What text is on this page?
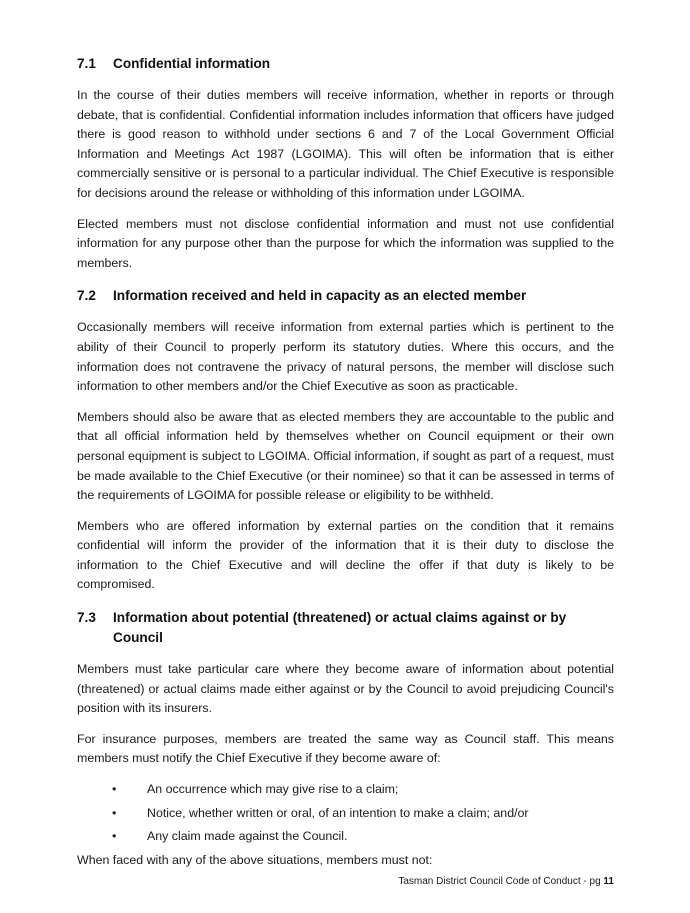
7.1	Confidential information

In the course of their duties members will receive information, whether in reports or through debate, that is confidential. Confidential information includes information that officers have judged there is good reason to withhold under sections 6 and 7 of the Local Government Official Information and Meetings Act 1987 (LGOIMA). This will often be information that is either commercially sensitive or is personal to a particular individual. The Chief Executive is responsible for decisions around the release or withholding of this information under LGOIMA.

Elected members must not disclose confidential information and must not use confidential information for any purpose other than the purpose for which the information was supplied to the members.

7.2	Information received and held in capacity as an elected member

Occasionally members will receive information from external parties which is pertinent to the ability of their Council to properly perform its statutory duties. Where this occurs, and the information does not contravene the privacy of natural persons, the member will disclose such information to other members and/or the Chief Executive as soon as practicable.

Members should also be aware that as elected members they are accountable to the public and that all official information held by themselves whether on Council equipment or their own personal equipment is subject to LGOIMA. Official information, if sought as part of a request, must be made available to the Chief Executive (or their nominee) so that it can be assessed in terms of the requirements of LGOIMA for possible release or eligibility to be withheld.

Members who are offered information by external parties on the condition that it remains confidential will inform the provider of the information that it is their duty to disclose the information to the Chief Executive and will decline the offer if that duty is likely to be compromised.

7.3	Information about potential (threatened) or actual claims against or by Council

Members must take particular care where they become aware of information about potential (threatened) or actual claims made either against or by the Council to avoid prejudicing Council's position with its insurers.

For insurance purposes, members are treated the same way as Council staff. This means members must notify the Chief Executive if they become aware of:

•	An occurrence which may give rise to a claim;
•	Notice, whether written or oral, of an intention to make a claim; and/or
•	Any claim made against the Council.

When faced with any of the above situations, members must not:

Tasman District Council Code of Conduct - pg 11
